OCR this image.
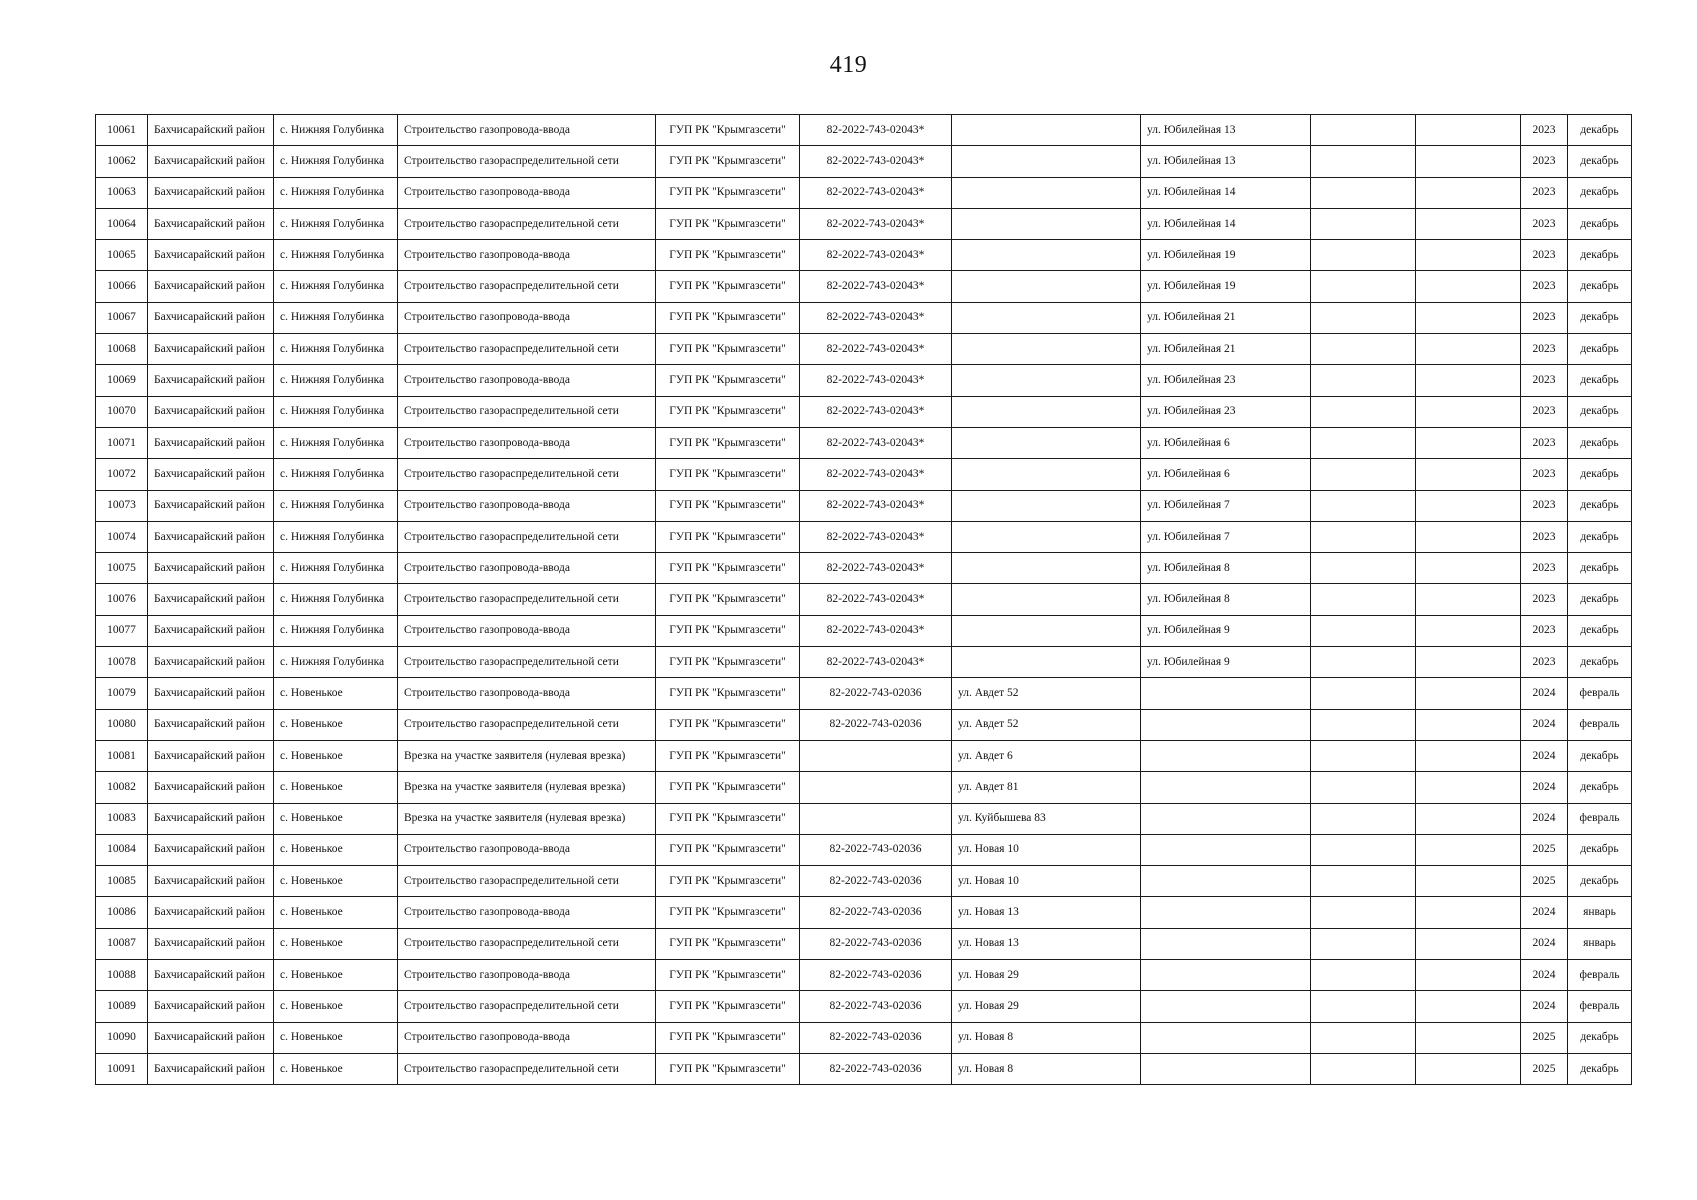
419
10061	Бахчисарайский район	с. Нижняя Голубинка	Строительство газопровода-ввода	ГУП РК "Крымгазсети"	82-2022-743-02043*		ул. Юбилейная 13			2023	декабрь
10062	Бахчисарайский район	с. Нижняя Голубинка	Строительство газораспределительной сети	ГУП РК "Крымгазсети"	82-2022-743-02043*		ул. Юбилейная 13			2023	декабрь
10063	Бахчисарайский район	с. Нижняя Голубинка	Строительство газопровода-ввода	ГУП РК "Крымгазсети"	82-2022-743-02043*		ул. Юбилейная 14			2023	декабрь
10064	Бахчисарайский район	с. Нижняя Голубинка	Строительство газораспределительной сети	ГУП РК "Крымгазсети"	82-2022-743-02043*		ул. Юбилейная 14			2023	декабрь
10065	Бахчисарайский район	с. Нижняя Голубинка	Строительство газопровода-ввода	ГУП РК "Крымгазсети"	82-2022-743-02043*		ул. Юбилейная 19			2023	декабрь
10066	Бахчисарайский район	с. Нижняя Голубинка	Строительство газораспределительной сети	ГУП РК "Крымгазсети"	82-2022-743-02043*		ул. Юбилейная 19			2023	декабрь
10067	Бахчисарайский район	с. Нижняя Голубинка	Строительство газопровода-ввода	ГУП РК "Крымгазсети"	82-2022-743-02043*		ул. Юбилейная 21			2023	декабрь
10068	Бахчисарайский район	с. Нижняя Голубинка	Строительство газораспределительной сети	ГУП РК "Крымгазсети"	82-2022-743-02043*		ул. Юбилейная 21			2023	декабрь
10069	Бахчисарайский район	с. Нижняя Голубинка	Строительство газопровода-ввода	ГУП РК "Крымгазсети"	82-2022-743-02043*		ул. Юбилейная 23			2023	декабрь
10070	Бахчисарайский район	с. Нижняя Голубинка	Строительство газораспределительной сети	ГУП РК "Крымгазсети"	82-2022-743-02043*		ул. Юбилейная 23			2023	декабрь
10071	Бахчисарайский район	с. Нижняя Голубинка	Строительство газопровода-ввода	ГУП РК "Крымгазсети"	82-2022-743-02043*		ул. Юбилейная 6			2023	декабрь
10072	Бахчисарайский район	с. Нижняя Голубинка	Строительство газораспределительной сети	ГУП РК "Крымгазсети"	82-2022-743-02043*		ул. Юбилейная 6			2023	декабрь
10073	Бахчисарайский район	с. Нижняя Голубинка	Строительство газопровода-ввода	ГУП РК "Крымгазсети"	82-2022-743-02043*		ул. Юбилейная 7			2023	декабрь
10074	Бахчисарайский район	с. Нижняя Голубинка	Строительство газораспределительной сети	ГУП РК "Крымгазсети"	82-2022-743-02043*		ул. Юбилейная 7			2023	декабрь
10075	Бахчисарайский район	с. Нижняя Голубинка	Строительство газопровода-ввода	ГУП РК "Крымгазсети"	82-2022-743-02043*		ул. Юбилейная 8			2023	декабрь
10076	Бахчисарайский район	с. Нижняя Голубинка	Строительство газораспределительной сети	ГУП РК "Крымгазсети"	82-2022-743-02043*		ул. Юбилейная 8			2023	декабрь
10077	Бахчисарайский район	с. Нижняя Голубинка	Строительство газопровода-ввода	ГУП РК "Крымгазсети"	82-2022-743-02043*		ул. Юбилейная 9			2023	декабрь
10078	Бахчисарайский район	с. Нижняя Голубинка	Строительство газораспределительной сети	ГУП РК "Крымгазсети"	82-2022-743-02043*		ул. Юбилейная 9			2023	декабрь
10079	Бахчисарайский район	с. Новенькое	Строительство газопровода-ввода	ГУП РК "Крымгазсети"	82-2022-743-02036	ул. Авдет 52				2024	февраль
10080	Бахчисарайский район	с. Новенькое	Строительство газораспределительной сети	ГУП РК "Крымгазсети"	82-2022-743-02036	ул. Авдет 52				2024	февраль
10081	Бахчисарайский район	с. Новенькое	Врезка на участке заявителя (нулевая врезка)	ГУП РК "Крымгазсети"		ул. Авдет 6				2024	декабрь
10082	Бахчисарайский район	с. Новенькое	Врезка на участке заявителя (нулевая врезка)	ГУП РК "Крымгазсети"		ул. Авдет 81				2024	декабрь
10083	Бахчисарайский район	с. Новенькое	Врезка на участке заявителя (нулевая врезка)	ГУП РК "Крымгазсети"		ул. Куйбышева 83				2024	февраль
10084	Бахчисарайский район	с. Новенькое	Строительство газопровода-ввода	ГУП РК "Крымгазсети"	82-2022-743-02036	ул. Новая 10				2025	декабрь
10085	Бахчисарайский район	с. Новенькое	Строительство газораспределительной сети	ГУП РК "Крымгазсети"	82-2022-743-02036	ул. Новая 10				2025	декабрь
10086	Бахчисарайский район	с. Новенькое	Строительство газопровода-ввода	ГУП РК "Крымгазсети"	82-2022-743-02036	ул. Новая 13				2024	январь
10087	Бахчисарайский район	с. Новенькое	Строительство газораспределительной сети	ГУП РК "Крымгазсети"	82-2022-743-02036	ул. Новая 13				2024	январь
10088	Бахчисарайский район	с. Новенькое	Строительство газопровода-ввода	ГУП РК "Крымгазсети"	82-2022-743-02036	ул. Новая 29				2024	февраль
10089	Бахчисарайский район	с. Новенькое	Строительство газораспределительной сети	ГУП РК "Крымгазсети"	82-2022-743-02036	ул. Новая 29				2024	февраль
10090	Бахчисарайский район	с. Новенькое	Строительство газопровода-ввода	ГУП РК "Крымгазсети"	82-2022-743-02036	ул. Новая 8				2025	декабрь
10091	Бахчисарайский район	с. Новенькое	Строительство газораспределительной сети	ГУП РК "Крымгазсети"	82-2022-743-02036	ул. Новая 8				2025	декабрь
